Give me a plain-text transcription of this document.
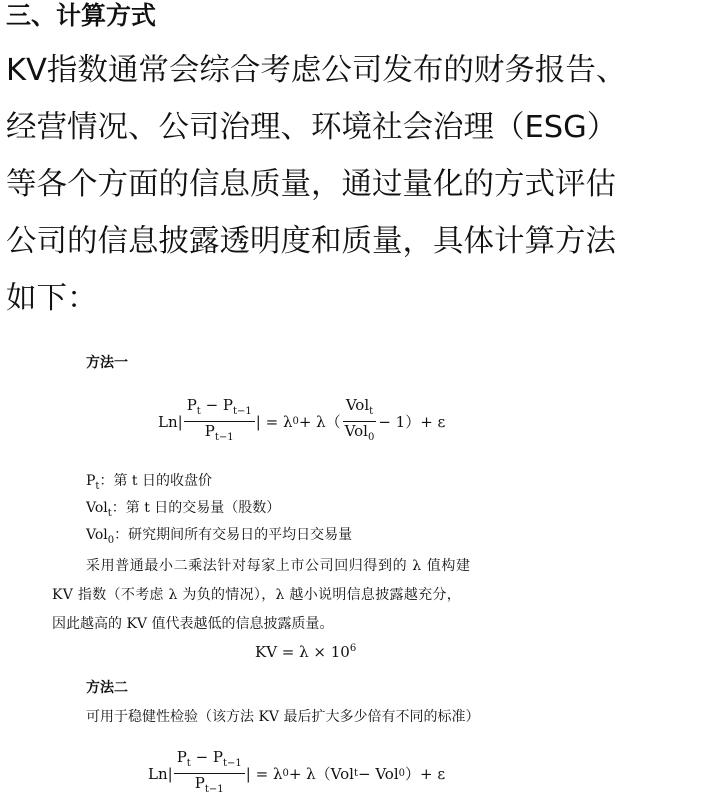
三、计算方式
KV指数通常会综合考虑公司发布的财务报告、
经营情况、公司治理、环境社会治理（ESG）
等各个方面的信息质量，通过量化的方式评估
公司的信息披露透明度和质量，具体计算方法
如下：
方法一
$Ln| \frac{P_t - P_{t-1}}{P_{t-1}}$ | = λ $0 + \lambda( \frac{Vol_t}{Vol_0} - 1)+ \varepsilon$
$P_t$：第 t 日的收盘价
Vol$_t$：第 t 日的交易量（股数）
Vol$_0$：研究期间所有交易日的平均日交易量
采用普通最小二乘法针对每家上市公司回归得到的 λ 值构建
KV 指数（不考虑 λ 为负的情况），λ 越小说明信息披露越充分，
因此越高的 KV 值代表越低的信息披露质量。
KV = $\lambda \times 10^6$
方法二
可用于稳健性检验（该方法 KV 最后扩大多少倍有不同的标准）
$Ln| \frac{P_t - P_{t-1}}{P_{t-1}}$ | = λ 0 + λ（Vol t − Vol 0 ）+ ε
